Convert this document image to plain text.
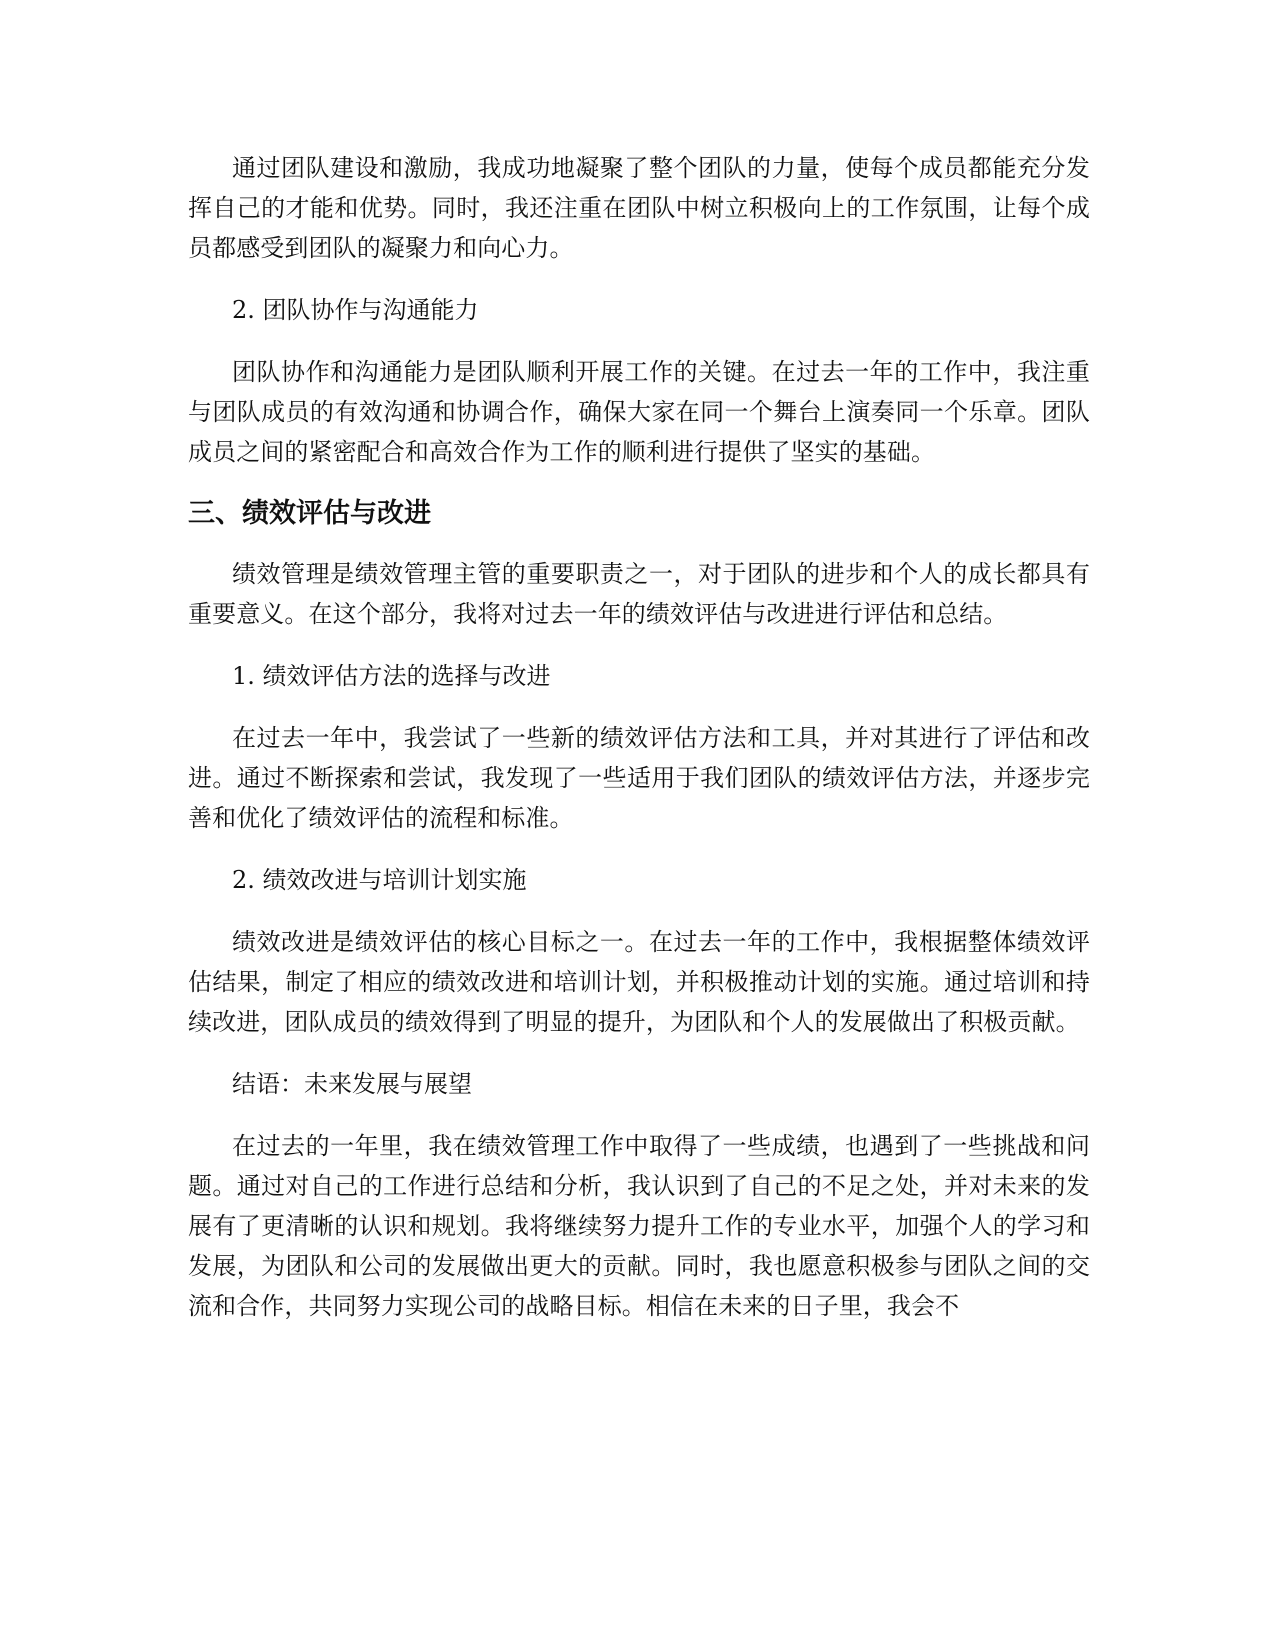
通过团队建设和激励，我成功地凝聚了整个团队的力量，使每个成员都能充分发挥自己的才能和优势。同时，我还注重在团队中树立积极向上的工作氛围，让每个成员都感受到团队的凝聚力和向心力。

2. 团队协作与沟通能力

团队协作和沟通能力是团队顺利开展工作的关键。在过去一年的工作中，我注重与团队成员的有效沟通和协调合作，确保大家在同一个舞台上演奏同一个乐章。团队成员之间的紧密配合和高效合作为工作的顺利进行提供了坚实的基础。

三、绩效评估与改进

绩效管理是绩效管理主管的重要职责之一，对于团队的进步和个人的成长都具有重要意义。在这个部分，我将对过去一年的绩效评估与改进进行评估和总结。

1. 绩效评估方法的选择与改进

在过去一年中，我尝试了一些新的绩效评估方法和工具，并对其进行了评估和改进。通过不断探索和尝试，我发现了一些适用于我们团队的绩效评估方法，并逐步完善和优化了绩效评估的流程和标准。

2. 绩效改进与培训计划实施

绩效改进是绩效评估的核心目标之一。在过去一年的工作中，我根据整体绩效评估结果，制定了相应的绩效改进和培训计划，并积极推动计划的实施。通过培训和持续改进，团队成员的绩效得到了明显的提升，为团队和个人的发展做出了积极贡献。

结语：未来发展与展望

在过去的一年里，我在绩效管理工作中取得了一些成绩，也遇到了一些挑战和问题。通过对自己的工作进行总结和分析，我认识到了自己的不足之处，并对未来的发展有了更清晰的认识和规划。我将继续努力提升工作的专业水平，加强个人的学习和发展，为团队和公司的发展做出更大的贡献。同时，我也愿意积极参与团队之间的交流和合作，共同努力实现公司的战略目标。相信在未来的日子里，我会不
